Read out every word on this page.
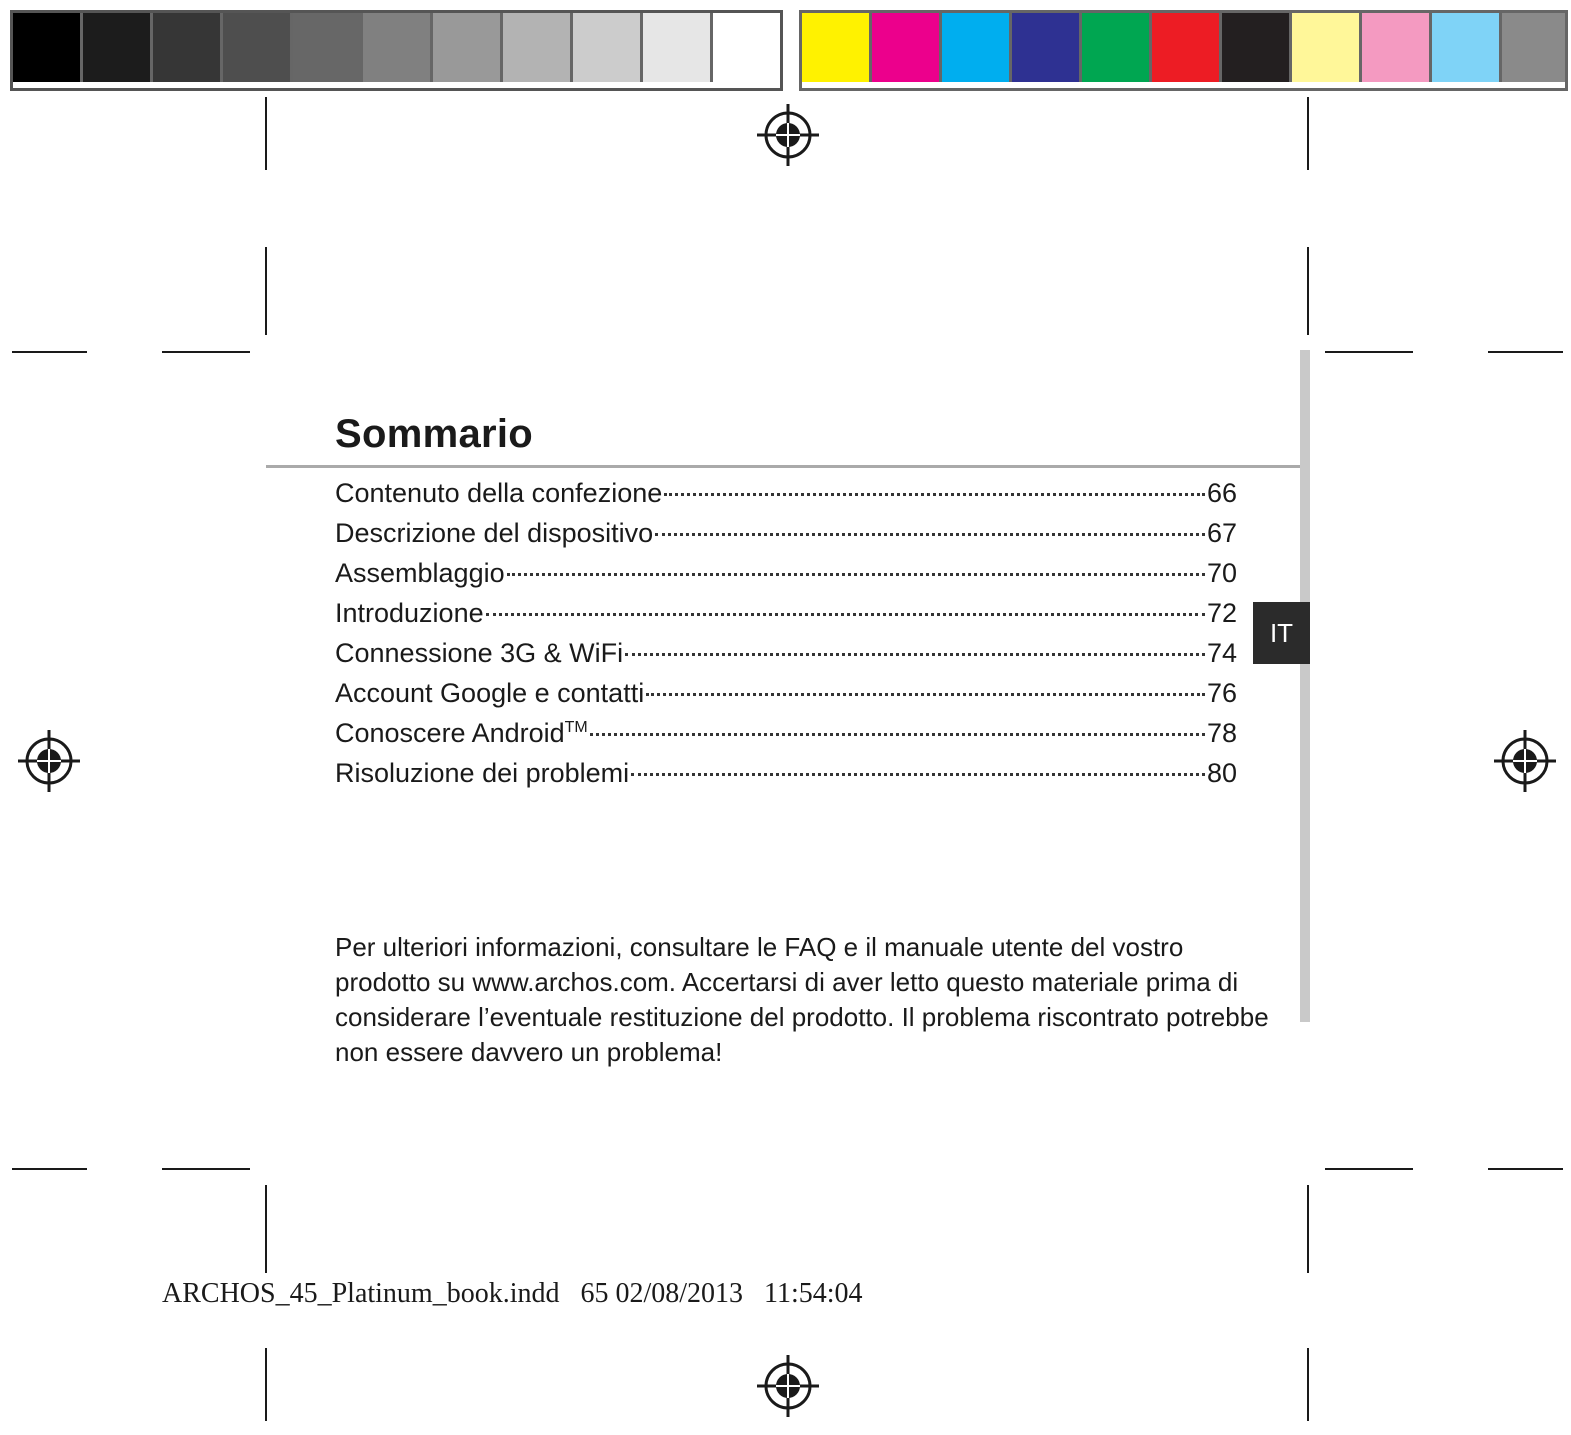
Sommario
Contenuto della confezione	66
Descrizione del dispositivo	67
Assemblaggio	70
Introduzione	72
Connessione 3G & WiFi	74
Account Google e contatti	76
Conoscere Android™	78
Risoluzione dei problemi	80
IT

Per ulteriori informazioni, consultare le FAQ e il manuale utente del vostro prodotto su www.archos.com. Accertarsi di aver letto questo materiale prima di considerare l’eventuale restituzione del prodotto. Il problema riscontrato potrebbe non essere davvero un problema!

ARCHOS_45_Platinum_book.indd   65 02/08/2013   11:54:04
